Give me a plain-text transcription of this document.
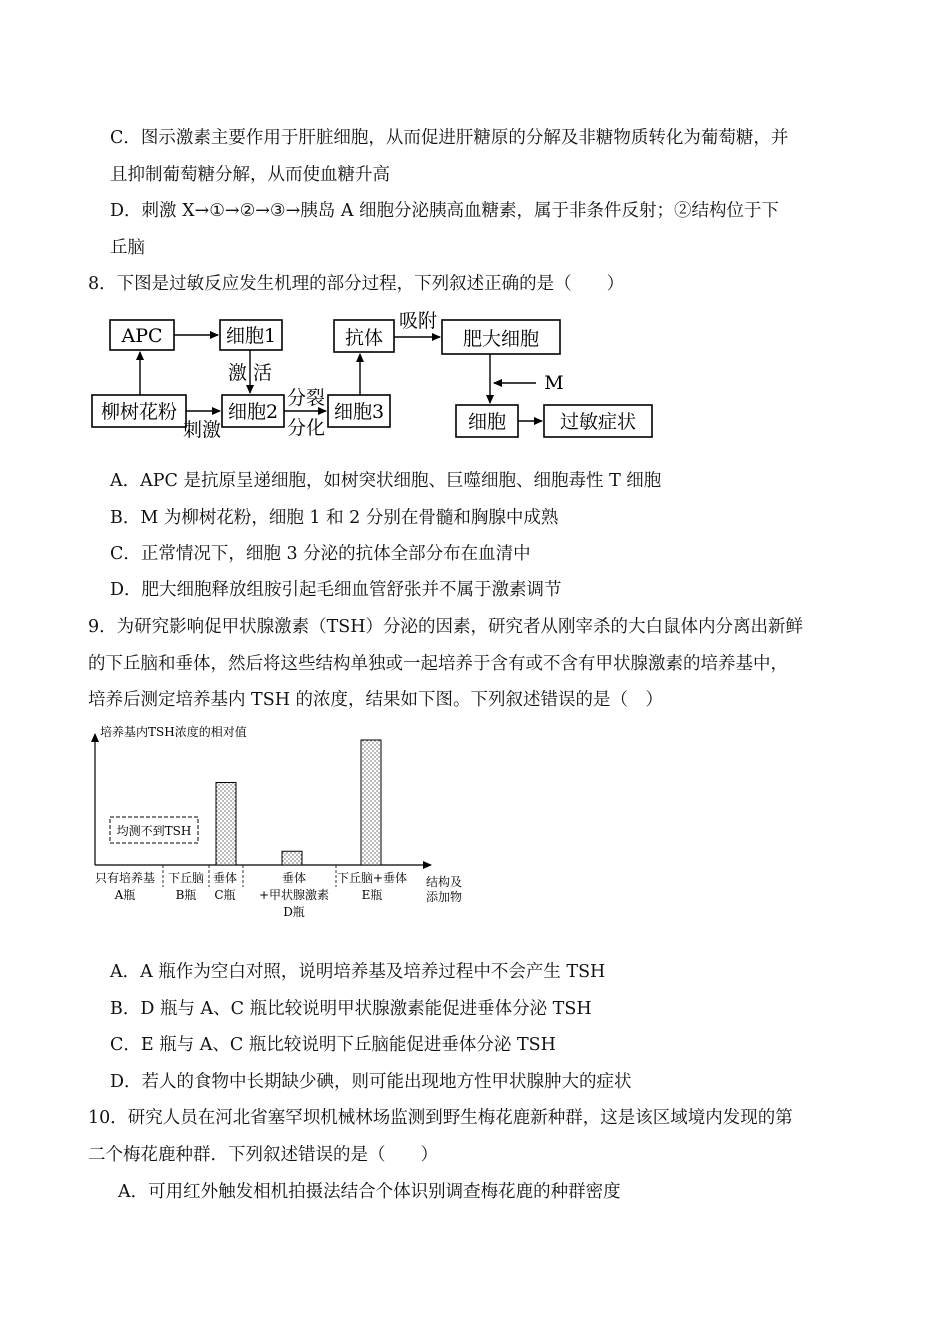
C．图示激素主要作用于肝脏细胞，从而促进肝糖原的分解及非糖物质转化为葡萄糖，并
且抑制葡萄糖分解，从而使血糖升高
D．刺激 X→①→②→③→胰岛 A 细胞分泌胰高血糖素，属于非条件反射；②结构位于下
丘脑
8．下图是过敏反应发生机理的部分过程，下列叙述正确的是（　　）
APC	细胞1
激 活
柳树花粉
刺激
细胞2
分裂
分化
细胞3
抗体
吸附
肥大细胞
M
细胞	过敏症状
A．APC 是抗原呈递细胞，如树突状细胞、巨噬细胞、细胞毒性 T 细胞
B．M 为柳树花粉，细胞 1 和 2 分别在骨髓和胸腺中成熟
C．正常情况下，细胞 3 分泌的抗体全部分布在血清中
D．肥大细胞释放组胺引起毛细血管舒张并不属于激素调节
9．为研究影响促甲状腺激素（TSH）分泌的因素，研究者从刚宰杀的大白鼠体内分离出新鲜
的下丘脑和垂体，然后将这些结构单独或一起培养于含有或不含有甲状腺激素的培养基中，
培养后测定培养基内 TSH 的浓度，结果如下图。下列叙述错误的是（　）
培养基内TSH浓度的相对值
结构及
添加物
均测不到TSH
只有培养基
A瓶
下丘脑
B瓶
垂体
C瓶
垂体
+甲状腺激素
D瓶
下丘脑+垂体
E瓶
A．A 瓶作为空白对照，说明培养基及培养过程中不会产生 TSH
B．D 瓶与 A、C 瓶比较说明甲状腺激素能促进垂体分泌 TSH
C．E 瓶与 A、C 瓶比较说明下丘脑能促进垂体分泌 TSH
D．若人的食物中长期缺少碘，则可能出现地方性甲状腺肿大的症状
10．研究人员在河北省塞罕坝机械林场监测到野生梅花鹿新种群，这是该区域境内发现的第
二个梅花鹿种群．下列叙述错误的是（　　）
A．可用红外触发相机拍摄法结合个体识别调查梅花鹿的种群密度
